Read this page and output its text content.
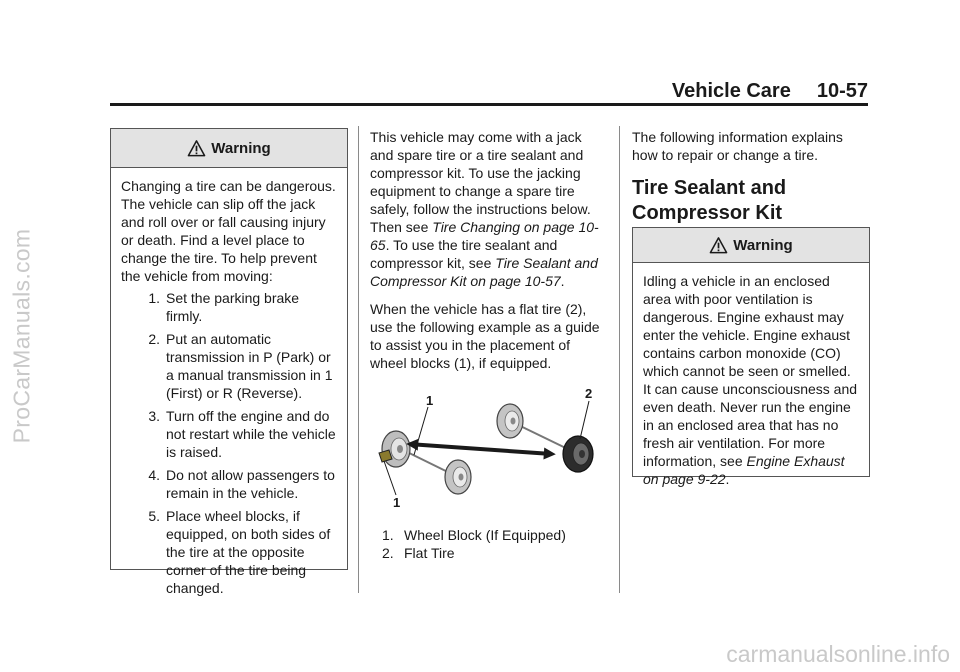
ProCarManuals.com
Vehicle Care 10-57
Warning

Changing a tire can be dangerous. The vehicle can slip off the jack and roll over or fall causing injury or death. Find a level place to change the tire. To help prevent the vehicle from moving:

1. Set the parking brake firmly.
2. Put an automatic transmission in P (Park) or a manual transmission in 1 (First) or R (Reverse).
3. Turn off the engine and do not restart while the vehicle is raised.
4. Do not allow passengers to remain in the vehicle.
5. Place wheel blocks, if equipped, on both sides of the tire at the opposite corner of the tire being changed.

This vehicle may come with a jack and spare tire or a tire sealant and compressor kit. To use the jacking equipment to change a spare tire safely, follow the instructions below. Then see Tire Changing on page 10-65. To use the tire sealant and compressor kit, see Tire Sealant and Compressor Kit on page 10-57.

When the vehicle has a flat tire (2), use the following example as a guide to assist you in the placement of wheel blocks (1), if equipped.

1	2
1
1. Wheel Block (If Equipped)
2. Flat Tire

The following information explains how to repair or change a tire.

Tire Sealant and Compressor Kit
Warning

Idling a vehicle in an enclosed area with poor ventilation is dangerous. Engine exhaust may enter the vehicle. Engine exhaust contains carbon monoxide (CO) which cannot be seen or smelled. It can cause unconsciousness and even death. Never run the engine in an enclosed area that has no fresh air ventilation. For more information, see Engine Exhaust on page 9-22.

carmanualsonline.info
